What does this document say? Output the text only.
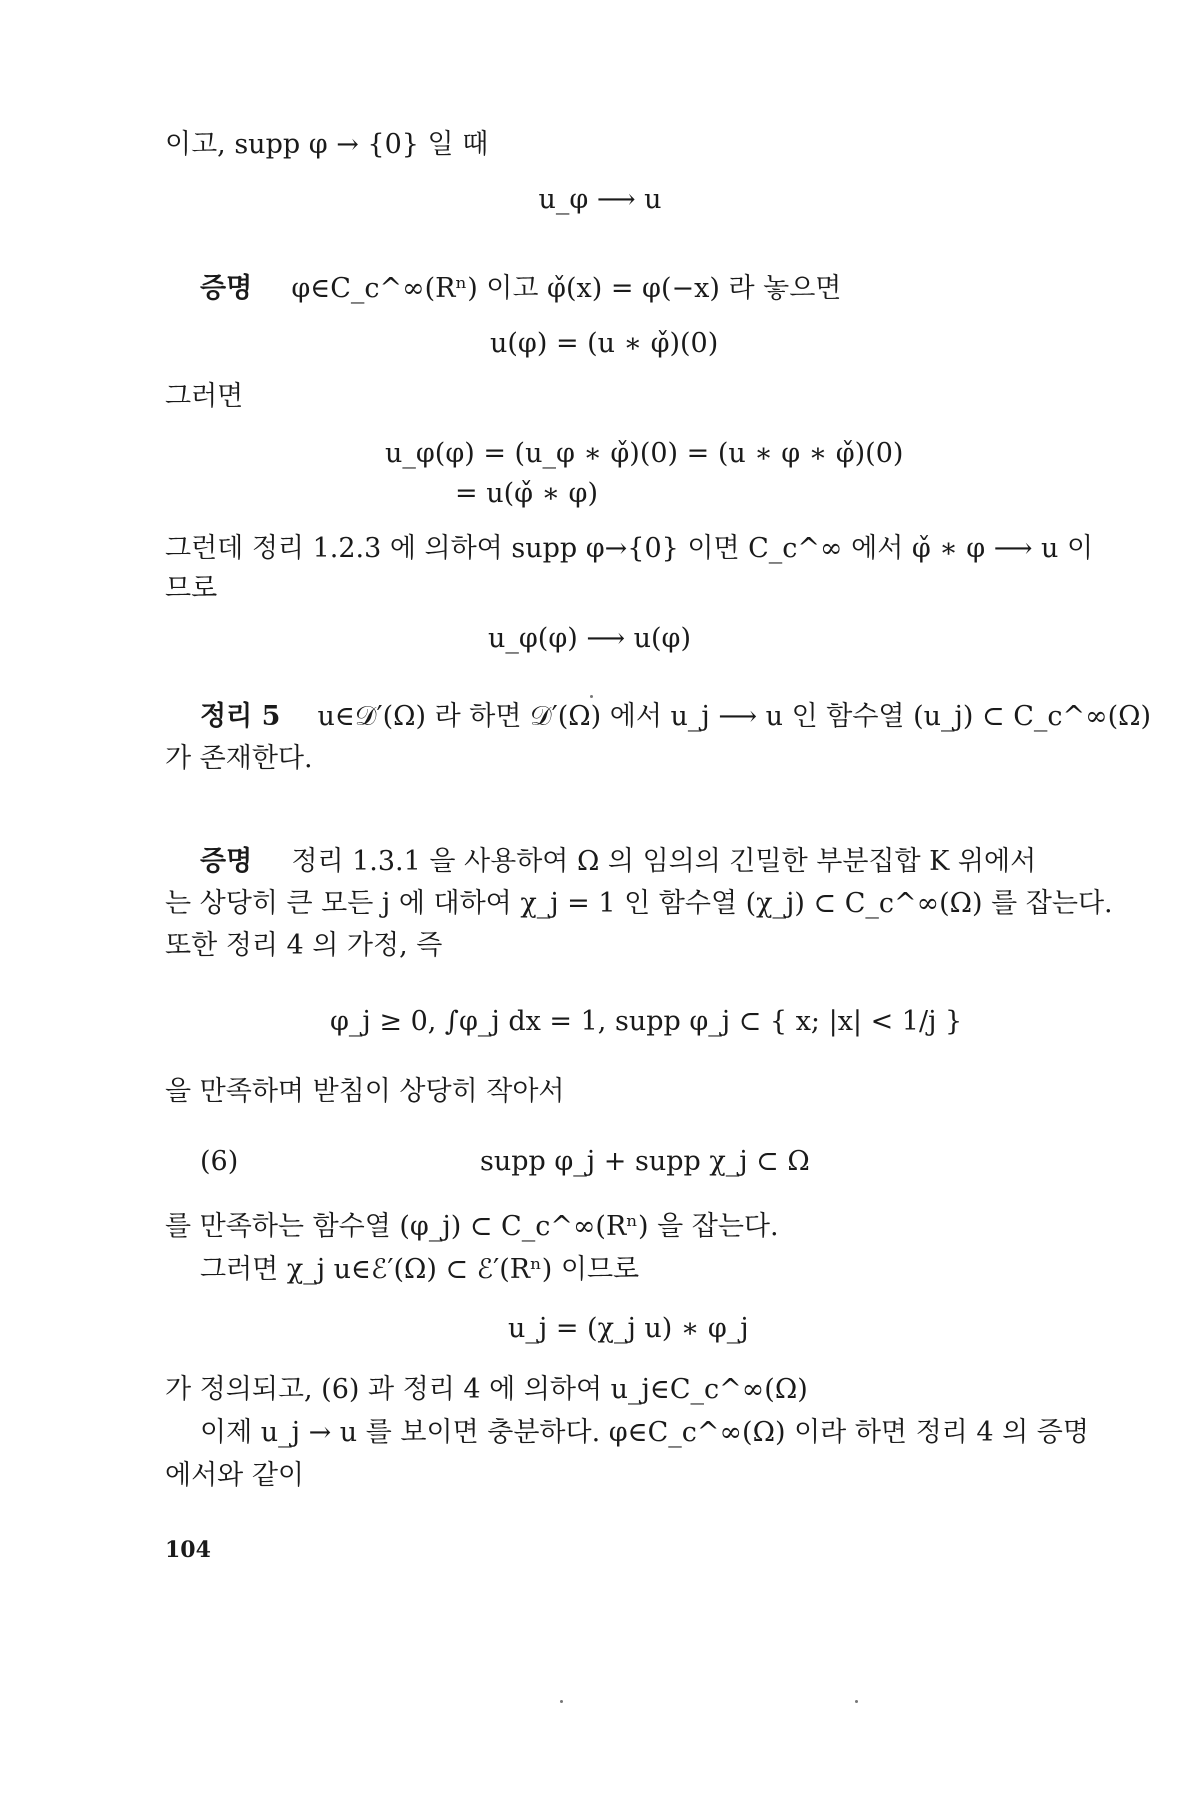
이고, supp φ → {0} 일 때

u_φ ⟶ u

증명 φ∈C_c^∞(Rⁿ) 이고 φ̌(x) = φ(−x) 라 놓으면

u(φ) = (u ∗ φ̌)(0)

그러면

u_φ(φ) = (u_φ ∗ φ̌)(0) = (u ∗ φ ∗ φ̌)(0)

= u(φ̌ ∗ φ)

그런데 정리 1.2.3 에 의하여 supp φ→{0} 이면 C_c^∞ 에서 φ̌ ∗ φ ⟶ u 이

므로

u_φ(φ) ⟶ u(φ)

정리 5 u∈𝒟′(Ω) 라 하면 𝒟′(Ω) 에서 u_j ⟶ u 인 함수열 (u_j) ⊂ C_c^∞(Ω)

가 존재한다.

증명 정리 1.3.1 을 사용하여 Ω 의 임의의 긴밀한 부분집합 K 위에서

는 상당히 큰 모든 j 에 대하여 χ_j = 1 인 함수열 (χ_j) ⊂ C_c^∞(Ω) 를 잡는다.

또한 정리 4 의 가정, 즉

φ_j ≥ 0, ∫φ_j dx = 1, supp φ_j ⊂ { x; |x| < 1/j }

을 만족하며 받침이 상당히 작아서

(6)	supp φ_j + supp χ_j ⊂ Ω

를 만족하는 함수열 (φ_j) ⊂ C_c^∞(Rⁿ) 을 잡는다.

그러면 χ_j u∈ℰ′(Ω) ⊂ ℰ′(Rⁿ) 이므로

u_j = (χ_j u) ∗ φ_j

가 정의되고, (6) 과 정리 4 에 의하여 u_j∈C_c^∞(Ω)

이제 u_j → u 를 보이면 충분하다. φ∈C_c^∞(Ω) 이라 하면 정리 4 의 증명

에서와 같이

104
